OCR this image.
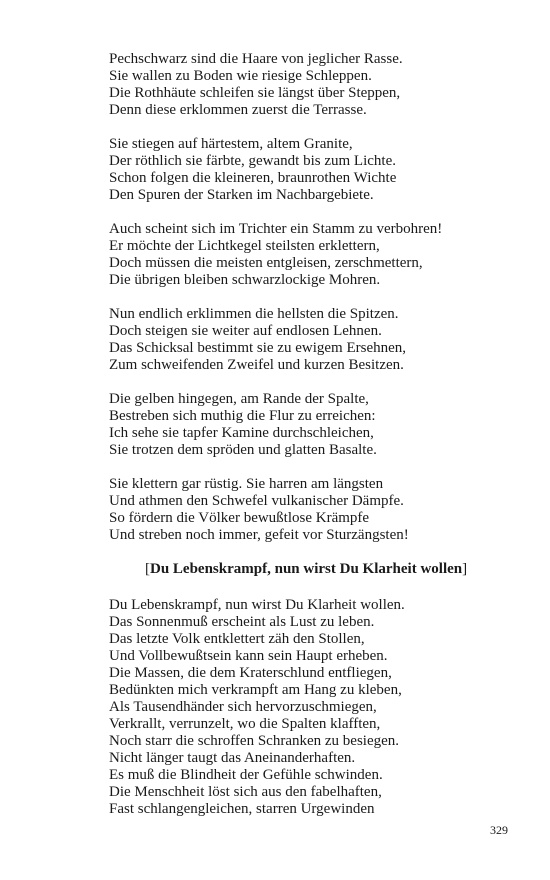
Pechschwarz sind die Haare von jeglicher Rasse.
Sie wallen zu Boden wie riesige Schleppen.
Die Rothhäute schleifen sie längst über Steppen,
Denn diese erklommen zuerst die Terrasse.
Sie stiegen auf härtestem, altem Granite,
Der röthlich sie färbte, gewandt bis zum Lichte.
Schon folgen die kleineren, braunrothen Wichte
Den Spuren der Starken im Nachbargebiete.
Auch scheint sich im Trichter ein Stamm zu verbohren!
Er möchte der Lichtkegel steilsten erklettern,
Doch müssen die meisten entgleisen, zerschmettern,
Die übrigen bleiben schwarzlockige Mohren.
Nun endlich erklimmen die hellsten die Spitzen.
Doch steigen sie weiter auf endlosen Lehnen.
Das Schicksal bestimmt sie zu ewigem Ersehnen,
Zum schweifenden Zweifel und kurzen Besitzen.
Die gelben hingegen, am Rande der Spalte,
Bestreben sich muthig die Flur zu erreichen:
Ich sehe sie tapfer Kamine durchschleichen,
Sie trotzen dem spröden und glatten Basalte.
Sie klettern gar rüstig. Sie harren am längsten
Und athmen den Schwefel vulkanischer Dämpfe.
So fördern die Völker bewußtlose Krämpfe
Und streben noch immer, gefeit vor Sturzängsten!
[Du Lebenskrampf, nun wirst Du Klarheit wollen]
Du Lebenskrampf, nun wirst Du Klarheit wollen.
Das Sonnenmuß erscheint als Lust zu leben.
Das letzte Volk entklettert zäh den Stollen,
Und Vollbewußtsein kann sein Haupt erheben.
Die Massen, die dem Kraterschlund entfliegen,
Bedünkten mich verkrampft am Hang zu kleben,
Als Tausendhänder sich hervorzuschmiegen,
Verkrallt, verrunzelt, wo die Spalten klafften,
Noch starr die schroffen Schranken zu besiegen.
Nicht länger taugt das Aneinanderhaften.
Es muß die Blindheit der Gefühle schwinden.
Die Menschheit löst sich aus den fabelhaften,
Fast schlangengleichen, starren Urgewinden
329
